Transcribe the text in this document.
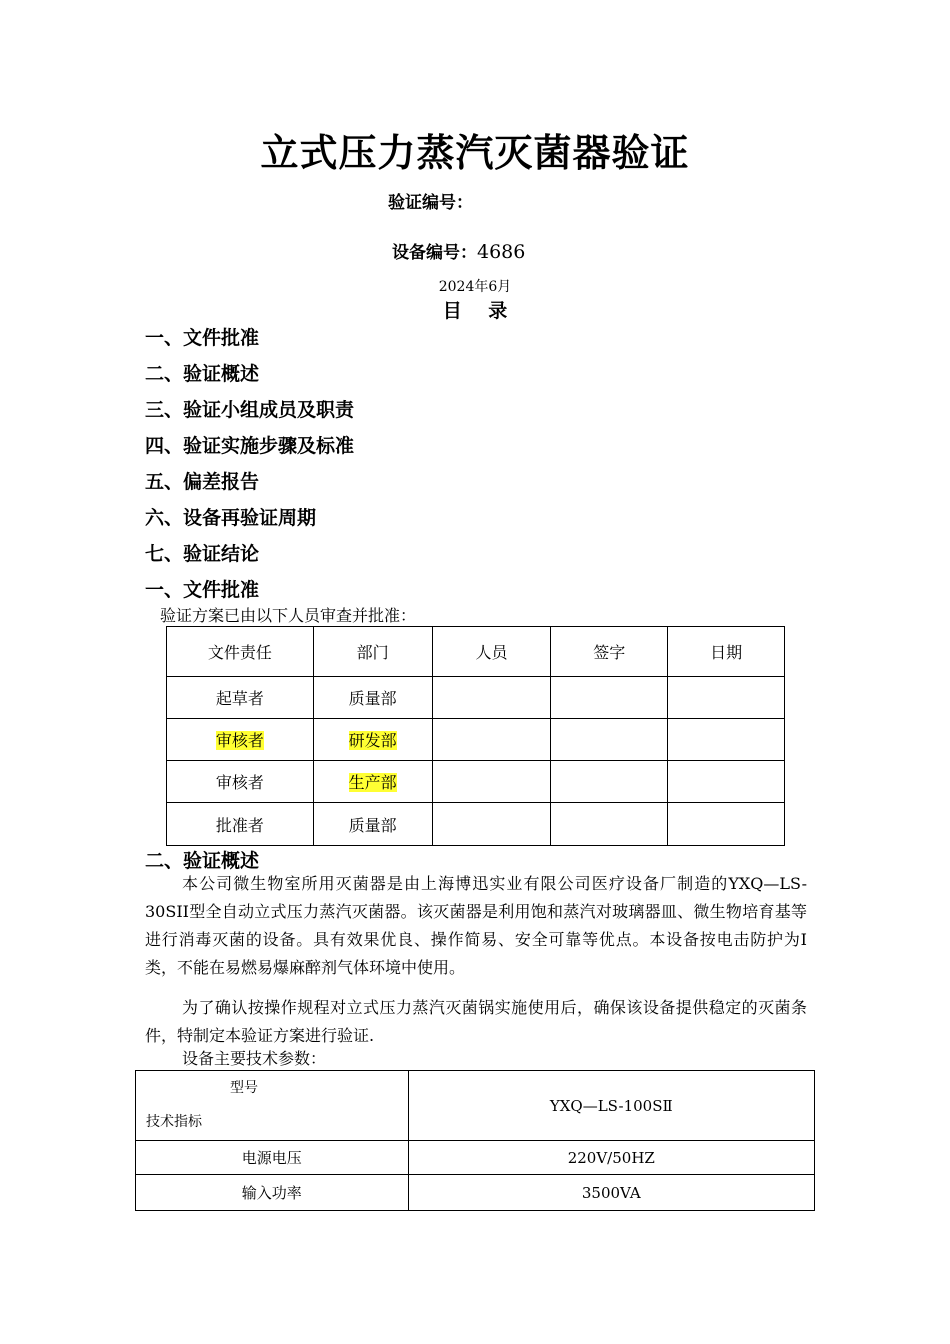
立式压力蒸汽灭菌器验证
验证编号：
设备编号：4686
2024年6月
目 录
一、文件批准
二、验证概述
三、验证小组成员及职责
四、验证实施步骤及标准
五、偏差报告
六、设备再验证周期
七、验证结论
一、文件批准
验证方案已由以下人员审查并批准：
文件责任	部门	人员	签字	日期
起草者	质量部			
审核者	研发部			
审核者	生产部			
批准者	质量部			
二、验证概述
本公司微生物室所用灭菌器是由上海博迅实业有限公司医疗设备厂制造的YXQ—LS-30SII型全自动立式压力蒸汽灭菌器。该灭菌器是利用饱和蒸汽对玻璃器皿、微生物培育基等进行消毒灭菌的设备。具有效果优良、操作简易、安全可靠等优点。本设备按电击防护为Ⅰ类，不能在易燃易爆麻醉剂气体环境中使用。
为了确认按操作规程对立式压力蒸汽灭菌锅实施使用后，确保该设备提供稳定的灭菌条件，特制定本验证方案进行验证.
设备主要技术参数：
型号
技术指标	YXQ—LS-100SⅡ
电源电压	220V/50HZ
输入功率	3500VA
